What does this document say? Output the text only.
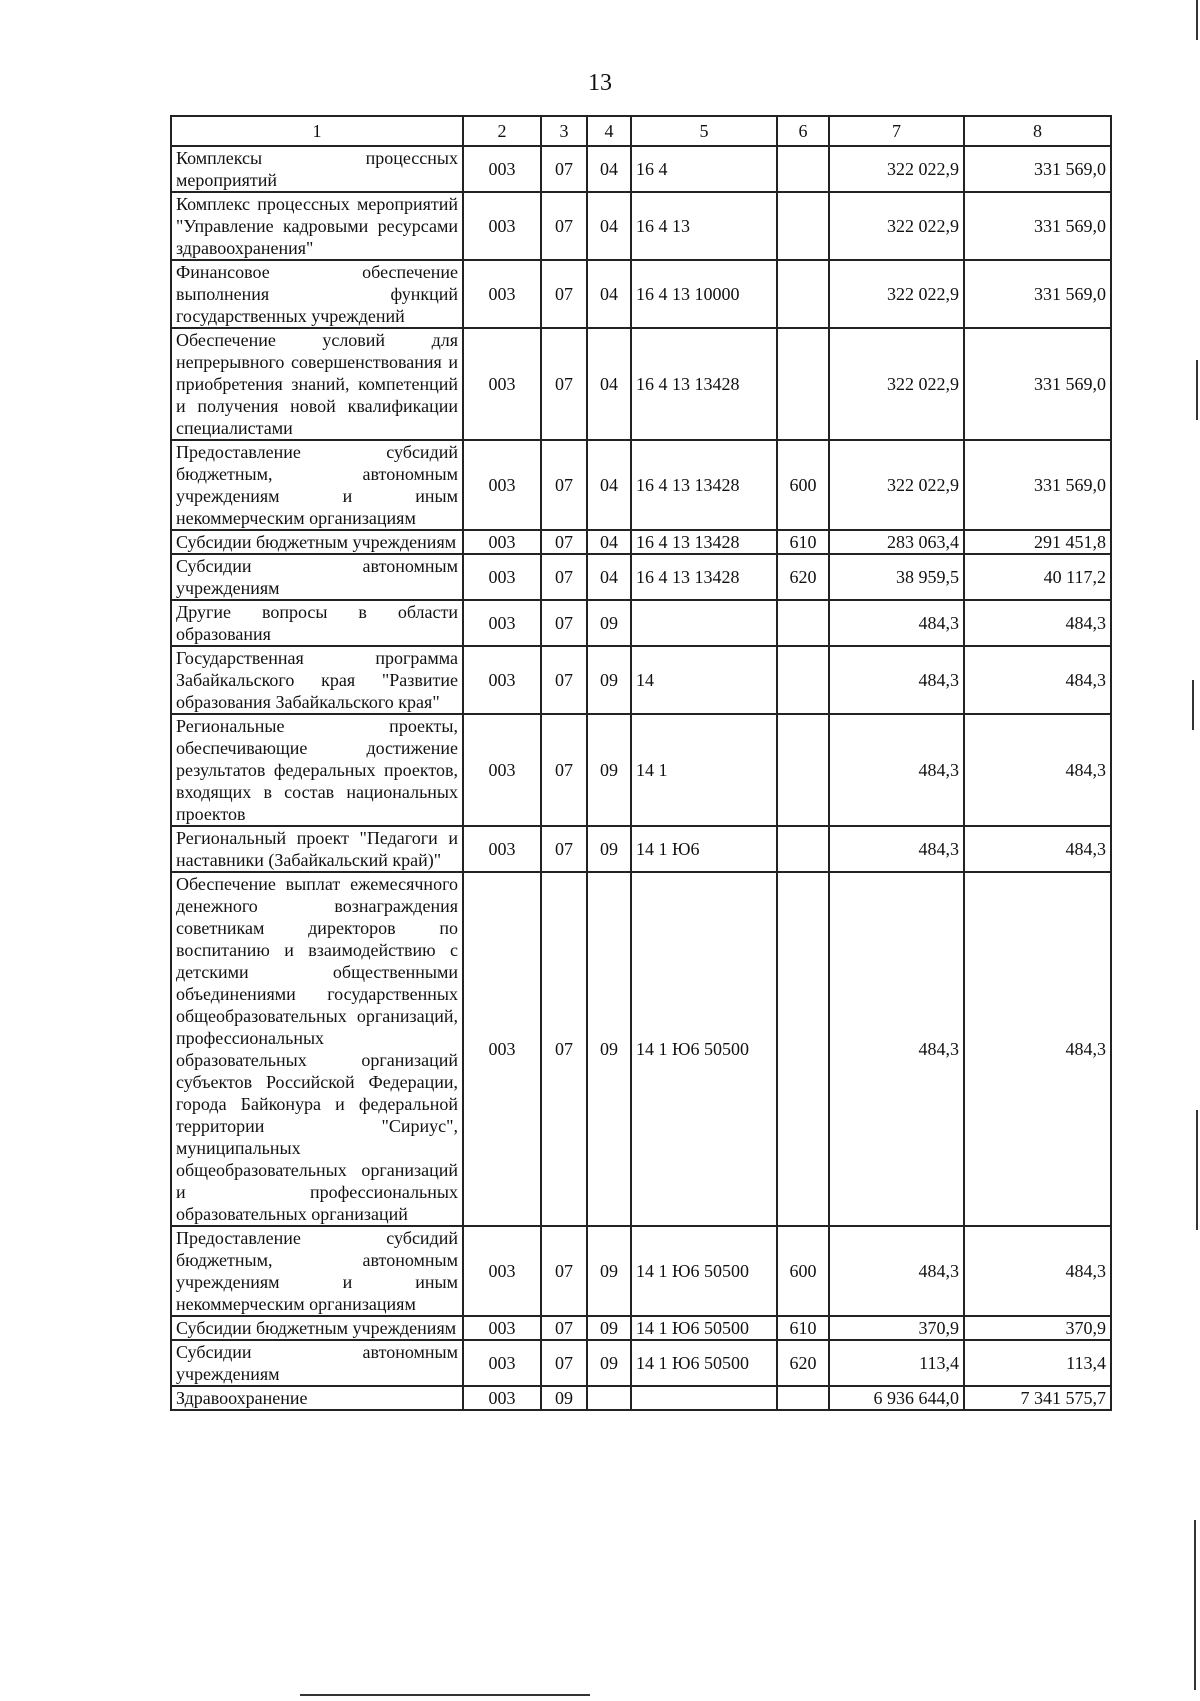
13
1	2	3	4	5	6	7	8
Комплексы процессных мероприятий	003	07	04	16 4		322 022,9	331 569,0
Комплекс процессных мероприятий "Управление кадровыми ресурсами здравоохранения"	003	07	04	16 4 13		322 022,9	331 569,0
Финансовое обеспечение выполнения функций государственных учреждений	003	07	04	16 4 13 10000		322 022,9	331 569,0
Обеспечение условий для непрерывного совершенствования и приобретения знаний, компетенций и получения новой квалификации специалистами	003	07	04	16 4 13 13428		322 022,9	331 569,0
Предоставление субсидий бюджетным, автономным учреждениям и иным некоммерческим организациям	003	07	04	16 4 13 13428	600	322 022,9	331 569,0
Субсидии бюджетным учреждениям	003	07	04	16 4 13 13428	610	283 063,4	291 451,8
Субсидии автономным учреждениям	003	07	04	16 4 13 13428	620	38 959,5	40 117,2
Другие вопросы в области образования	003	07	09			484,3	484,3
Государственная программа Забайкальского края "Развитие образования Забайкальского края"	003	07	09	14		484,3	484,3
Региональные проекты, обеспечивающие достижение результатов федеральных проектов, входящих в состав национальных проектов	003	07	09	14 1		484,3	484,3
Региональный проект "Педагоги и наставники (Забайкальский край)"	003	07	09	14 1 Ю6		484,3	484,3
Обеспечение выплат ежемесячного денежного вознаграждения советникам директоров по воспитанию и взаимодействию с детскими общественными объединениями государственных общеобразовательных организаций, профессиональных образовательных организаций субъектов Российской Федерации, города Байконура и федеральной территории "Сириус", муниципальных общеобразовательных организаций и профессиональных образовательных организаций	003	07	09	14 1 Ю6 50500		484,3	484,3
Предоставление субсидий бюджетным, автономным учреждениям и иным некоммерческим организациям	003	07	09	14 1 Ю6 50500	600	484,3	484,3
Субсидии бюджетным учреждениям	003	07	09	14 1 Ю6 50500	610	370,9	370,9
Субсидии автономным учреждениям	003	07	09	14 1 Ю6 50500	620	113,4	113,4
Здравоохранение	003	09				6 936 644,0	7 341 575,7
